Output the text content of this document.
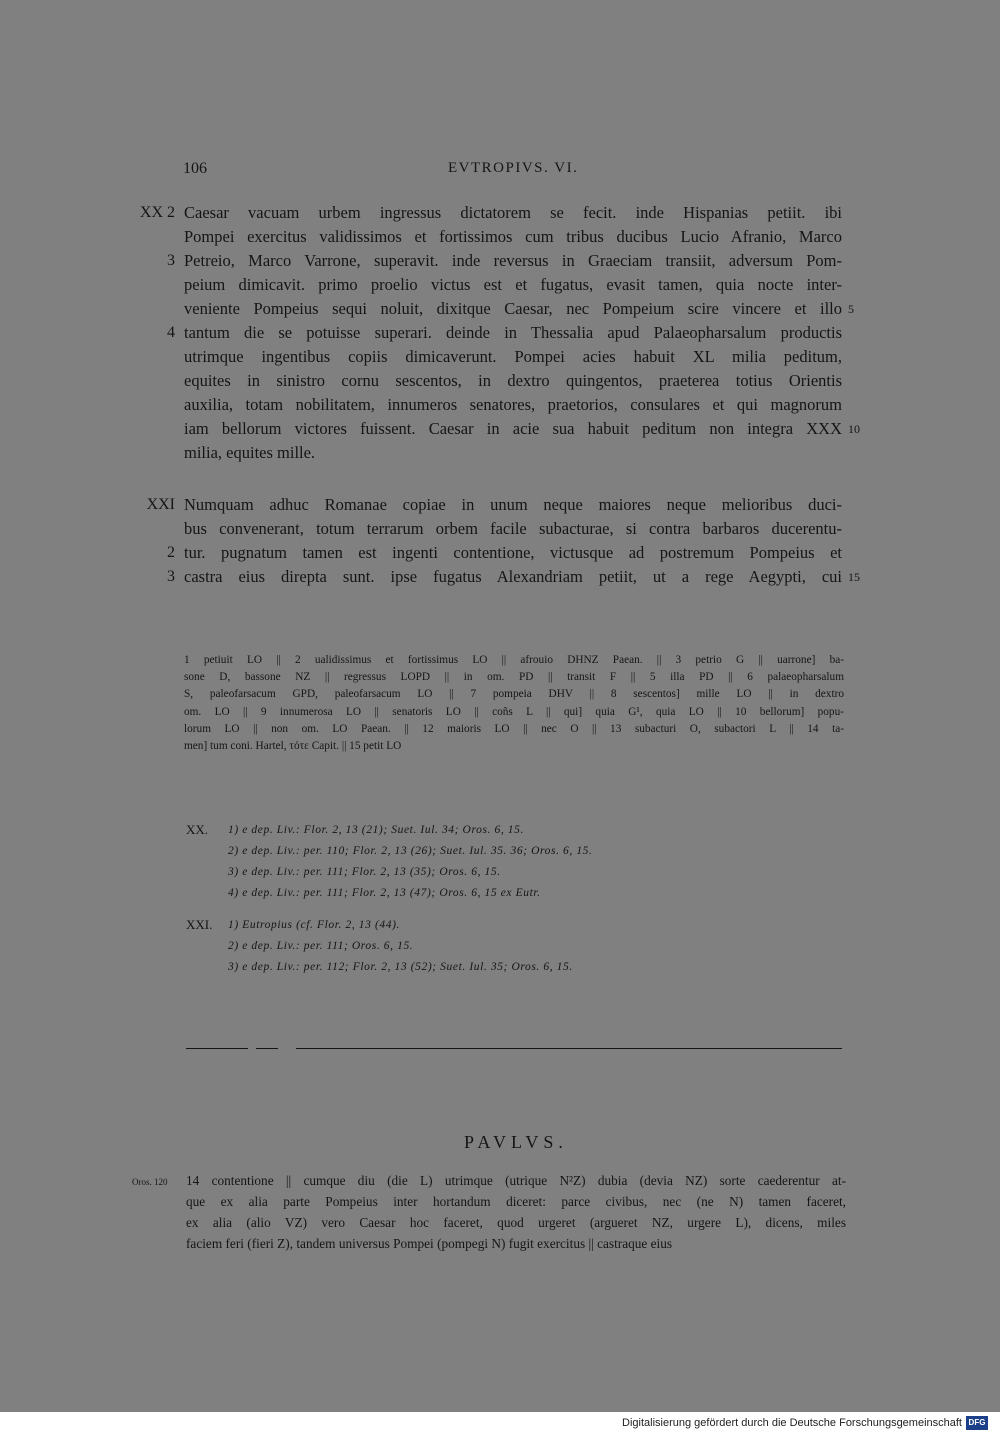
106	EVTROPIVS. VI.
Caesar vacuam urbem ingressus dictatorem se fecit. inde Hispanias petiit. ibi
XX 2
Pompei exercitus validissimos et fortissimos cum tribus ducibus Lucio Afranio, Marco
Petreio, Marco Varrone, superavit. inde reversus in Graeciam transiit, adversum Pom-
3
peium dimicavit. primo proelio victus est et fugatus, evasit tamen, quia nocte inter-
veniente Pompeius sequi noluit, dixitque Caesar, nec Pompeium scire vincere et illo 5
tantum die se potuisse superari. deinde in Thessalia apud Palaeopharsalum productis
4
utrimque ingentibus copiis dimicaverunt. Pompei acies habuit XL milia peditum,
equites in sinistro cornu sescentos, in dextro quingentos, praeterea totius Orientis
auxilia, totam nobilitatem, innumeros senatores, praetorios, consulares et qui magnorum
iam bellorum victores fuissent. Caesar in acie sua habuit peditum non integra XXX 10
milia, equites mille.
Numquam adhuc Romanae copiae in unum neque maiores neque melioribus duci-
XXI
bus convenerant, totum terrarum orbem facile subacturae, si contra barbaros ducerentu-
tur. pugnatum tamen est ingenti contentione, victusque ad postremum Pompeius et
2
castra eius direpta sunt. ipse fugatus Alexandriam petiit, ut a rege Aegypti, cui
3	15
1 petiuit LO || 2 ualidissimus et fortissimus LO || afrouio DHNZ Paean. || 3 petrio G || uarrone] ba-
sone D, bassone NZ || regressus LOPD || in om. PD || transit F || 5 illa PD || 6 palaeopharsalum
S, paleofarsacum GPD, paleofarsacum LO || 7 pompeia DHV || 8 sescentos] mille LO || in dextro
om. LO || 9 innumerosa LO || senatoris LO || coñs L || qui] quia G¹, quia LO || 10 bellorum] popu-
lorum LO || non om. LO Paean. || 12 maioris LO || nec O || 13 subacturi O, subactori L || 14 ta-
men] tum coni. Hartel, τότε Capit. || 15 petit LO
XX. 1) e dep. Liv.: Flor. 2, 13 (21); Suet. Iul. 34; Oros. 6, 15.
2) e dep. Liv.: per. 110; Flor. 2, 13 (26); Suet. Iul. 35. 36; Oros. 6, 15.
3) e dep. Liv.: per. 111; Flor. 2, 13 (35); Oros. 6, 15.
4) e dep. Liv.: per. 111; Flor. 2, 13 (47); Oros. 6, 15 ex Eutr.
XXI. 1) Eutropius (cf. Flor. 2, 13 (44).
2) e dep. Liv.: per. 111; Oros. 6, 15.
3) e dep. Liv.: per. 112; Flor. 2, 13 (52); Suet. Iul. 35; Oros. 6, 15.
PAVLVS.
Oros. 120 14 contentione || cumque diu (die L) utrimque (utrique N²Z) dubia (devia NZ) sorte caederentur at-
que ex alia parte Pompeius inter hortandum diceret: parce civibus, nec (ne N) tamen faceret,
ex alia (alio VZ) vero Caesar hoc faceret, quod urgeret (argueret NZ, urgere L), dicens, miles
faciem feri (fieri Z), tandem universus Pompei (pompegi N) fugit exercitus || castraque eius
Digitalisierung gefördert durch die Deutsche Forschungsgemeinschaft DFG
